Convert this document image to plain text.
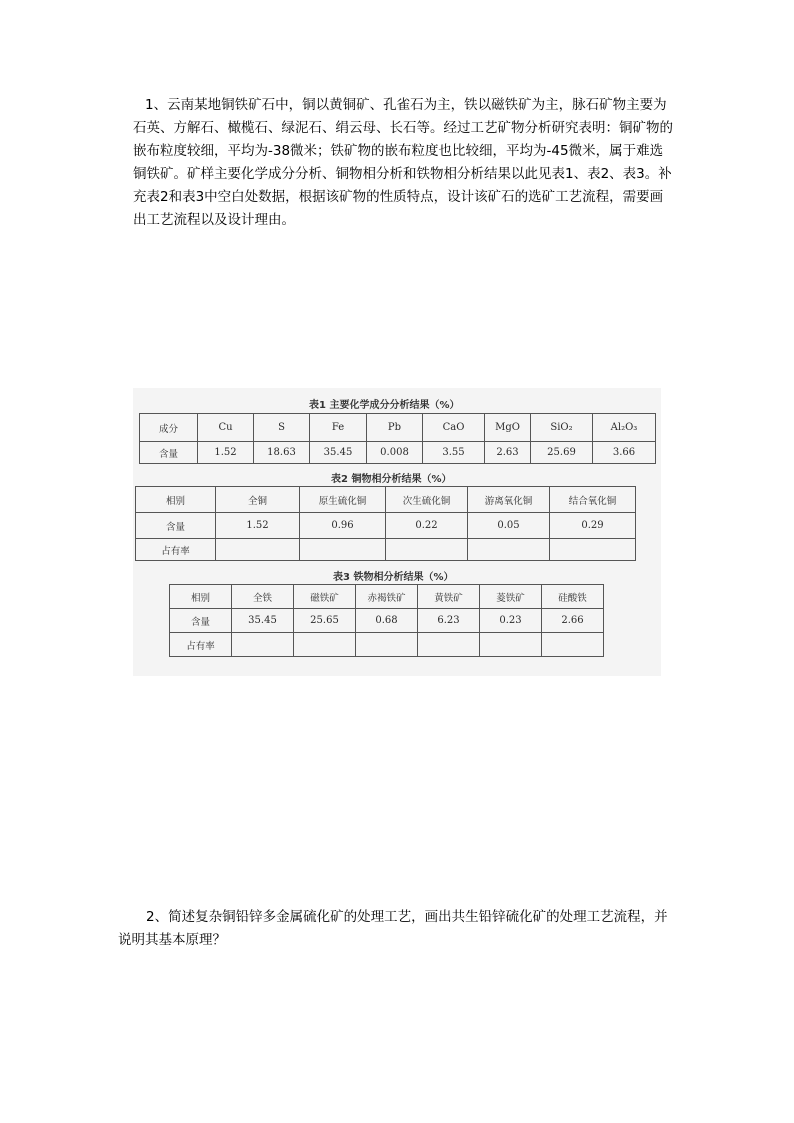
1、云南某地铜铁矿石中，铜以黄铜矿、孔雀石为主，铁以磁铁矿为主，脉石矿物主要为石英、方解石、橄榄石、绿泥石、绢云母、长石等。经过工艺矿物分析研究表明：铜矿物的嵌布粒度较细，平均为-38微米；铁矿物的嵌布粒度也比较细，平均为-45微米，属于难选铜铁矿。矿样主要化学成分分析、铜物相分析和铁物相分析结果以此见表1、表2、表3。补充表2和表3中空白处数据，根据该矿物的性质特点，设计该矿石的选矿工艺流程，需要画出工艺流程以及设计理由。
表1 主要化学成分分析结果（%）
成分	Cu	S	Fe	Pb	CaO	MgO	SiO₂	Al₂O₃
含量	1.52	18.63	35.45	0.008	3.55	2.63	25.69	3.66
表2 铜物相分析结果（%）
相别	全铜	原生硫化铜	次生硫化铜	游离氧化铜	结合氧化铜
含量	1.52	0.96	0.22	0.05	0.29
占有率					
表3 铁物相分析结果（%）
相别	全铁	磁铁矿	赤褐铁矿	黄铁矿	菱铁矿	硅酸铁
含量	35.45	25.65	0.68	6.23	0.23	2.66
占有率						
2、简述复杂铜铅锌多金属硫化矿的处理工艺，画出共生铅锌硫化矿的处理工艺流程，并说明其基本原理？
